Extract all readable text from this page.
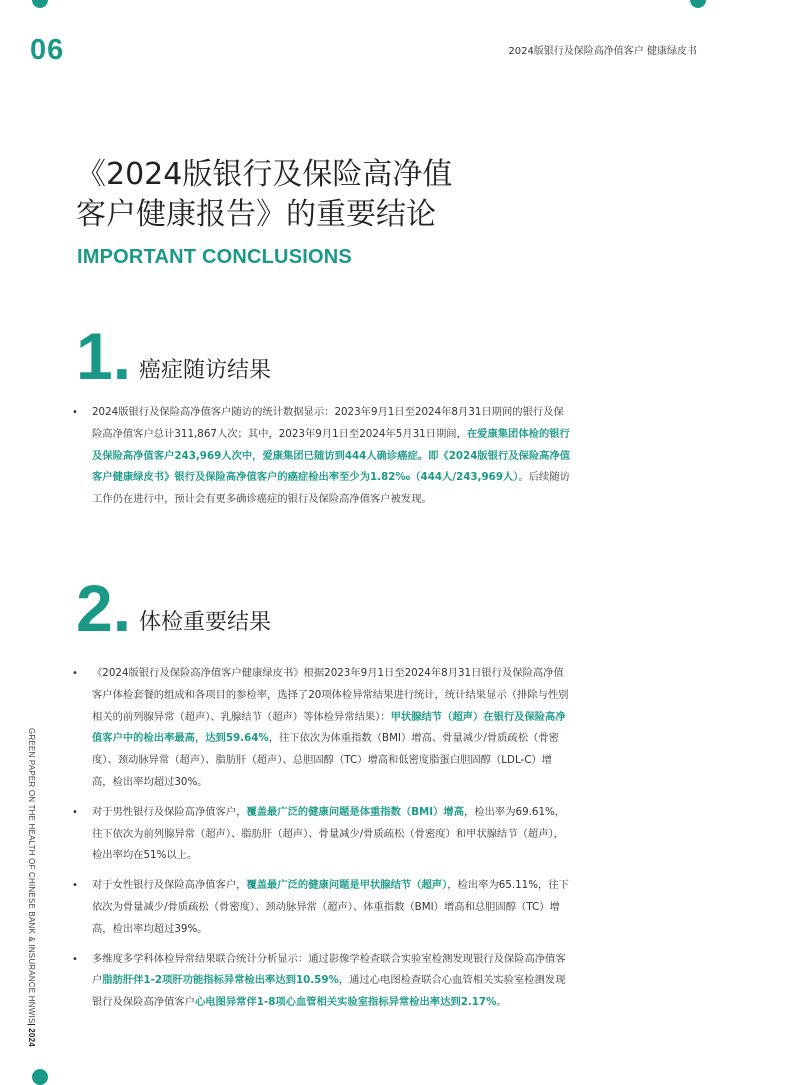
06	2024版银行及保险高净值客户 健康绿皮书
《2024版银行及保险高净值
客户健康报告》的重要结论
IMPORTANT CONCLUSIONS
1. 癌症随访结果
• 2024版银行及保险高净值客户随访的统计数据显示：2023年9月1日至2024年8月31日期间的银行及保险高净值客户总计311,867人次；其中，2023年9月1日至2024年5月31日期间，在爱康集团体检的银行及保险高净值客户243,969人次中，爱康集团已随访到444人确诊癌症。即《2024版银行及保险高净值客户健康绿皮书》银行及保险高净值客户的癌症检出率至少为1.82‰（444人/243,969人）。后续随访工作仍在进行中，预计会有更多确诊癌症的银行及保险高净值客户被发现。
2. 体检重要结果
• 《2024版银行及保险高净值客户健康绿皮书》根据2023年9月1日至2024年8月31日银行及保险高净值客户体检套餐的组成和各项目的参检率，选择了20项体检异常结果进行统计，统计结果显示（排除与性别相关的前列腺异常（超声）、乳腺结节（超声）等体检异常结果）：甲状腺结节（超声）在银行及保险高净值客户中的检出率最高，达到59.64%，往下依次为体重指数（BMI）增高、骨量减少/骨质疏松（骨密度）、颈动脉异常（超声）、脂肪肝（超声）、总胆固醇（TC）增高和低密度脂蛋白胆固醇（LDL-C）增高，检出率均超过30%。
• 对于男性银行及保险高净值客户，覆盖最广泛的健康问题是体重指数（BMI）增高，检出率为69.61%，往下依次为前列腺异常（超声）、脂肪肝（超声）、骨量减少/骨质疏松（骨密度）和甲状腺结节（超声），检出率均在51%以上。
• 对于女性银行及保险高净值客户，覆盖最广泛的健康问题是甲状腺结节（超声），检出率为65.11%，往下依次为骨量减少/骨质疏松（骨密度）、颈动脉异常（超声）、体重指数（BMI）增高和总胆固醇（TC）增高，检出率均超过39%。
• 多维度多学科体检异常结果联合统计分析显示：通过影像学检查联合实验室检测发现银行及保险高净值客户脂肪肝伴1-2项肝功能指标异常检出率达到10.59%，通过心电图检查联合心血管相关实验室检测发现银行及保险高净值客户心电图异常伴1-8项心血管相关实验室指标异常检出率达到2.17%。
GREEN PAPER ON THE HEALTH OF CHINESE BANK & INSURANCE HNWIS| 2024
